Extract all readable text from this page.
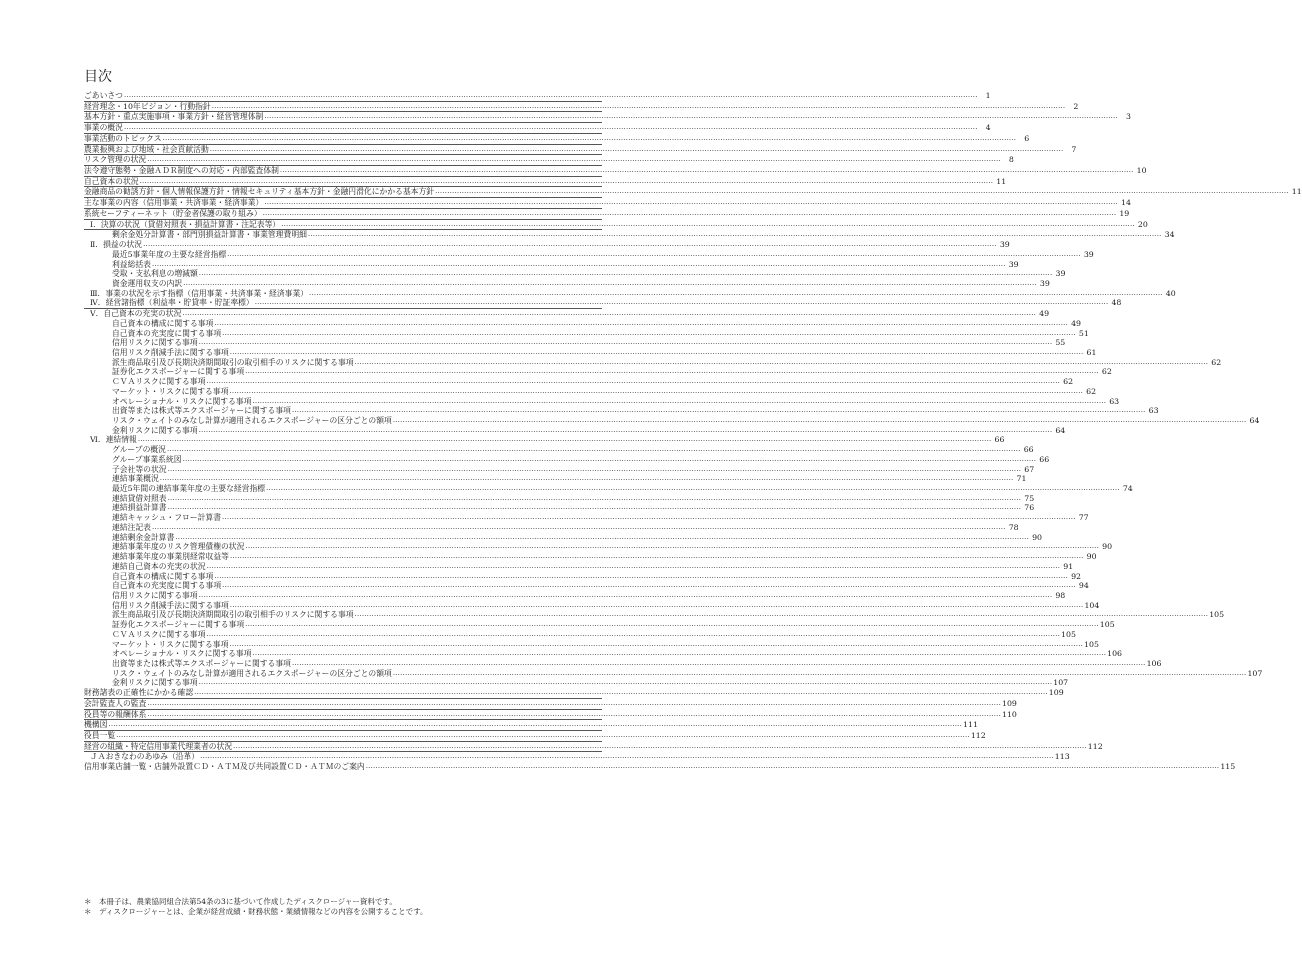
目次
ごあいさつ .....	1
経営理念・10年ビジョン・行動指針 .....	2
基本方針・重点実施事項・事業方針・経営管理体制 .....	3
事業の概況 .....	4
事業活動のトピックス .....	6
農業振興および地域・社会貢献活動 .....	7
リスク管理の状況 .....	8
法令遵守態勢・金融ＡＤＲ制度への対応・内部監査体制 .....	10
自己資本の状況 .....	11
金融商品の勧誘方針・個人情報保護方針・情報セキュリティ基本方針・金融円滑化にかかる基本方針 .....	11
主な事業の内容（信用事業・共済事業・経済事業） .....	14
系統セーフティーネット（貯金者保護の取り組み） .....	19
Ⅰ．決算の状況（貸借対照表・損益計算書・注記表等） .....	20
剰余金処分計算書・部門別損益計算書・事業管理費明細 .....	34
Ⅱ．損益の状況 .....	39
最近5事業年度の主要な経営指標 .....	39
利益総括表 .....	39
受取・支払利息の増減額 .....	39
資金運用収支の内訳 .....	39
Ⅲ．事業の状況を示す指標（信用事業・共済事業・経済事業） .....	40
Ⅳ．経営諸指標（利益率・貯貸率・貯証率標） .....	48
Ⅴ．自己資本の充実の状況 .....	49
自己資本の構成に関する事項 .....	49
自己資本の充実度に関する事項 .....	51
信用リスクに関する事項 .....	55
信用リスク削減手法に関する事項 .....	61
派生商品取引及び長期決済期間取引の取引相手のリスクに関する事項 .....	62
証券化エクスポージャーに関する事項 .....	62
ＣＶＡリスクに関する事項 .....	62
マーケット・リスクに関する事項 .....	62
オペレーショナル・リスクに関する事項 .....	63
出資等または株式等エクスポージャーに関する事項 .....	63
リスク・ウェイトのみなし計算が適用されるエクスポージャーの区分ごとの額項 .....	64
金利リスクに関する事項 .....	64
Ⅵ．連結情報 .....	66
グループの概況 .....	66
グループ事業系統図 .....	66
子会社等の状況 .....	67
連結事業概況 .....	71
最近5年間の連結事業年度の主要な経営指標 .....	74
連結貸借対照表 .....	75
連結損益計算書 .....	76
連結キャッシュ・フロー計算書 .....	77
連結注記表 .....	78
連結剰余金計算書 .....	90
連結事業年度のリスク管理債権の状況 .....	90
連結事業年度の事業別経常収益等 .....	90
連結自己資本の充実の状況 .....	91
自己資本の構成に関する事項 .....	92
自己資本の充実度に関する事項 .....	94
信用リスクに関する事項 .....	98
信用リスク削減手法に関する事項 .....	104
派生商品取引及び長期決済期間取引の取引相手のリスクに関する事項 .....	105
証券化エクスポージャーに関する事項 .....	105
ＣＶＡリスクに関する事項 .....	105
マーケット・リスクに関する事項 .....	105
オペレーショナル・リスクに関する事項 .....	106
出資等または株式等エクスポージャーに関する事項 .....	106
リスク・ウェイトのみなし計算が適用されるエクスポージャーの区分ごとの額項 .....	107
金利リスクに関する事項 .....	107
財務諸表の正確性にかかる確認 .....	109
会計監査人の監査 .....	109
役員等の報酬体系 .....	110
機構図 .....	111
役員一覧 .....	112
経営の組織・特定信用事業代理業者の状況 .....	112
ＪＡおきなわのあゆみ（沿革） .....	113
信用事業店舗一覧・店舗外設置ＣＤ・ＡＴＭ及び共同設置ＣＤ・ＡＴＭのご案内 .....	115
＊　本冊子は、農業協同組合法第54条の3に基づいて作成したディスクロージャー資料です。
＊　ディスクロージャーとは、企業が経営成績・財務状態・業績情報などの内容を公開することです。
